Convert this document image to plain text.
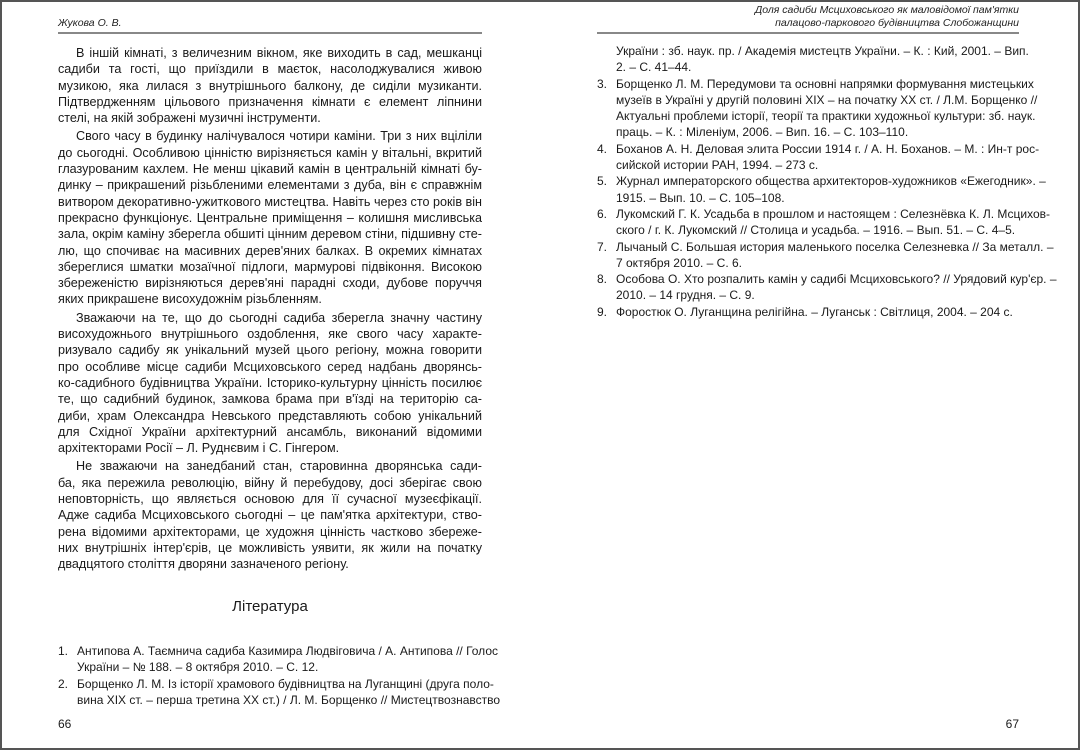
Жукова О. В.
В іншій кімнаті, з величезним вікном, яке виходить в сад, мешканці
садиби та гості, що приїздили в маєток, насолоджувалися живою
музикою, яка лилася з внутрішнього балкону, де сиділи музиканти.
Підтвердженням цільового призначення кімнати є елемент ліпнини
стелі, на якій зображені музичні інструменти.
Свого часу в будинку налічувалося чотири каміни. Три з них вціліли
до сьогодні. Особливою цінністю вирізняється камін у вітальні, вкритий
глазурованим кахлем. Не менш цікавий камін в центральній кімнаті бу-
динку – прикрашений різьбленими елементами з дуба, він є справжнім
витвором декоративно-ужиткового мистецтва. Навіть через сто років він
прекрасно функціонує. Центральне приміщення – колишня мисливська
зала, окрім каміну зберегла обшиті цінним деревом стіни, підшивну сте-
лю, що спочиває на масивних дерев'яних балках. В окремих кімнатах
збереглися шматки мозаїчної підлоги, мармурові підвіконня. Високою
збереженістю вирізняються дерев'яні парадні сходи, дубове поруччя
яких прикрашене висохудожнім різьбленням.
Зважаючи на те, що до сьогодні садиба зберегла значну частину
висохудожнього внутрішнього оздоблення, яке свого часу характе-
ризувало садибу як унікальний музей цього регіону, можна говорити
про особливе місце садиби Мсциховського серед надбань дворянсь-
ко-садибного будівництва України. Історико-культурну цінність посилює
те, що садибний будинок, замкова брама при в'їзді на територію са-
диби, храм Олександра Невського представляють собою унікальний
для Східної України архітектурний ансамбль, виконаний відомими
архітекторами Росії – Л. Руднєвим і С. Гінгером.
Не зважаючи на занедбаний стан, старовинна дворянська сади-
ба, яка пережила революцію, війну й перебудову, досі зберігає свою
неповторність, що являється основою для її сучасної музеєфікації.
Адже садиба Мсциховського сьогодні – це пам'ятка архітектури, ство-
рена відомими архітекторами, це художня цінність частково збереже-
них внутрішніх інтер'єрів, це можливість уявити, як жили на початку
двадцятого століття дворяни зазначеного регіону.
Література
1. Антипова А. Таємнича садиба Казимира Людвіговича / А. Антипова // Голос
України – № 188. – 8 октября 2010. – С. 12.
2. Борщенко Л. М. Із історії храмового будівництва на Луганщині (друга поло-
вина XIX ст. – перша третина XX ст.) / Л. М. Борщенко // Мистецтвознавство
66
Доля садиби Мсциховського як маловідомої пам'ятки
палацово-паркового будівництва Слобожанщини
України : зб. наук. пр. / Академія мистецтв України. – К. : Кий, 2001. – Вип.
2. – С. 41–44.
3. Борщенко Л. М. Передумови та основні напрямки формування мистецьких
музеїв в Україні у другій половині XIX – на початку XX ст. / Л.М. Борщенко //
Актуальні проблеми історії, теорії та практики художньої культури: зб. наук.
праць. – К. : Міленіум, 2006. – Вип. 16. – С. 103–110.
4. Боханов А. Н. Деловая элита России 1914 г. / А. Н. Боханов. – М. : Ин-т рос-
сийской истории РАН, 1994. – 273 с.
5. Журнал императорского общества архитекторов-художников «Ежегодник». –
1915. – Вып. 10. – С. 105–108.
6. Лукомский Г. К. Усадьба в прошлом и настоящем : Селезнёвка К. Л. Мсцихов-
ского / г. К. Лукомский // Столица и усадьба. – 1916. – Вып. 51. – С. 4–5.
7. Лычаный С. Большая история маленького поселка Селезневка // За металл. –
7 октября 2010. – С. 6.
8. Особова О. Хто розпалить камін у садибі Мсциховського? // Урядовий кур'єр. –
2010. – 14 грудня. – С. 9.
9. Форостюк О. Луганщина релігійна. – Луганськ : Світлиця, 2004. – 204 с.
67
